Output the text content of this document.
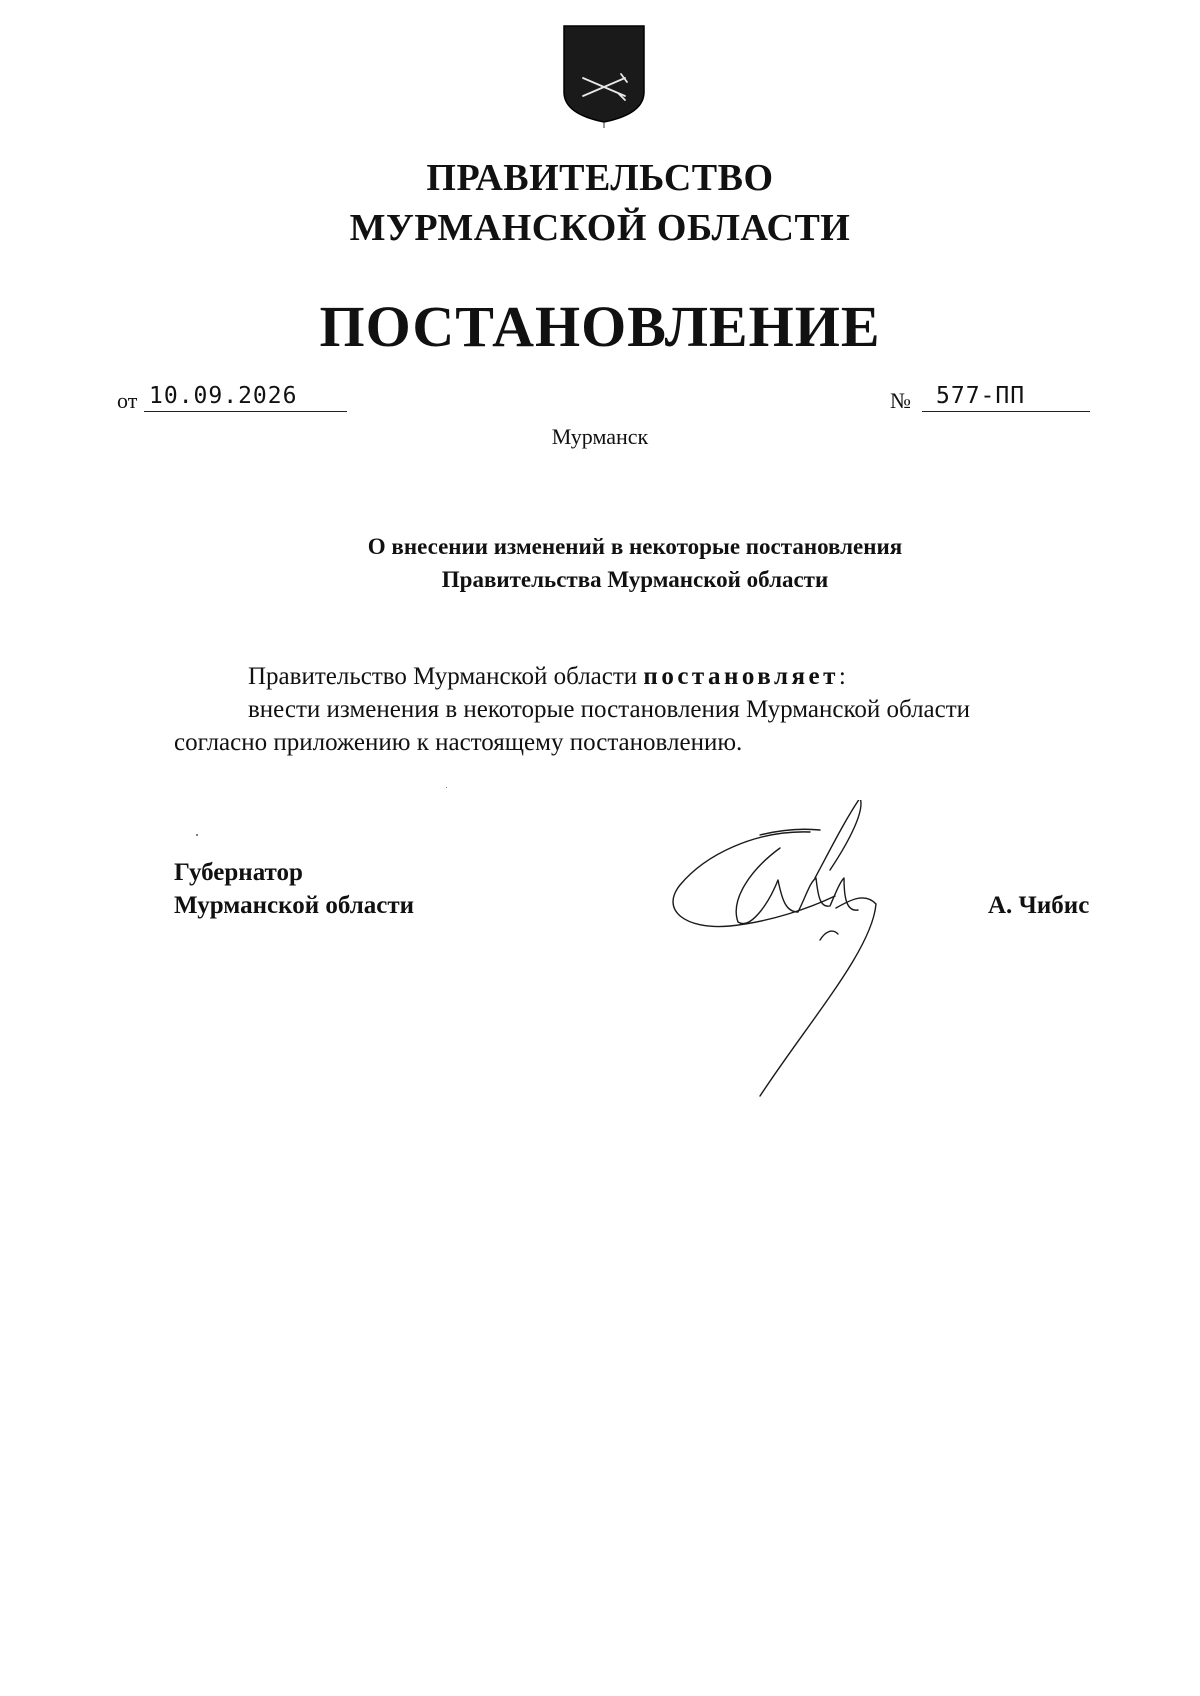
ПРАВИТЕЛЬСТВО
МУРМАНСКОЙ ОБЛАСТИ
ПОСТАНОВЛЕНИЕ
от 10.09.2026	№ 577-ПП
Мурманск
О внесении изменений в некоторые постановления
Правительства Мурманской области

Правительство Мурманской области постановляет:

внести изменения в некоторые постановления Мурманской области

согласно приложению к настоящему постановлению.

Губернатор
Мурманской области	А. Чибис
